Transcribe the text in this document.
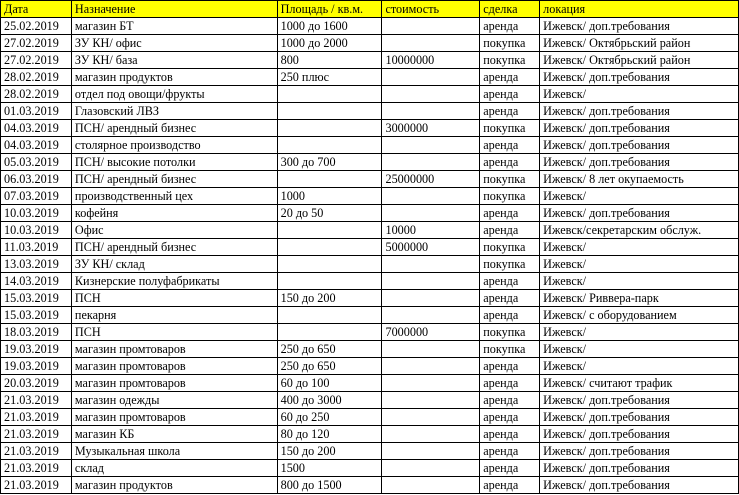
Дата	Назначение	Площадь / кв.м.	стоимость	сделка	локация
25.02.2019	магазин БТ	1000 до 1600		аренда	Ижевск/ доп.требования
27.02.2019	ЗУ КН/ офис	1000 до 2000		покупка	Ижевск/ Октябрьский район
27.02.2019	ЗУ КН/ база	800	10000000	покупка	Ижевск/ Октябрьский район
28.02.2019	магазин продуктов	250 плюс		аренда	Ижевск/ доп.требования
28.02.2019	отдел под овощи/фрукты			аренда	Ижевск/
01.03.2019	Глазовский ЛВЗ			аренда	Ижевск/ доп.требования
04.03.2019	ПСН/ арендный бизнес		3000000	покупка	Ижевск/ доп.требования
04.03.2019	столярное производство			аренда	Ижевск/ доп.требования
05.03.2019	ПСН/ высокие потолки	300 до 700		аренда	Ижевск/ доп.требования
06.03.2019	ПСН/ арендный бизнес		25000000	покупка	Ижевск/ 8 лет окупаемость
07.03.2019	производственный цех	1000		покупка	Ижевск/
10.03.2019	кофейня	20 до 50		аренда	Ижевск/ доп.требования
10.03.2019	Офис		10000	аренда	Ижевск/секретарским обслуж.
11.03.2019	ПСН/ арендный бизнес		5000000	покупка	Ижевск/
13.03.2019	ЗУ КН/ склад			покупка	Ижевск/
14.03.2019	Кизнерские полуфабрикаты			аренда	Ижевск/
15.03.2019	ПСН	150 до 200		аренда	Ижевск/ Риввера-парк
15.03.2019	пекарня			аренда	Ижевск/ с оборудованием
18.03.2019	ПСН		7000000	покупка	Ижевск/
19.03.2019	магазин промтоваров	250 до 650		покупка	Ижевск/
19.03.2019	магазин промтоваров	250 до 650		аренда	Ижевск/
20.03.2019	магазин промтоваров	60 до 100		аренда	Ижевск/ считают трафик
21.03.2019	магазин одежды	400 до 3000		аренда	Ижевск/ доп.требования
21.03.2019	магазин промтоваров	60 до 250		аренда	Ижевск/ доп.требования
21.03.2019	магазин КБ	80 до 120		аренда	Ижевск/ доп.требования
21.03.2019	Музыкальная школа	150 до 200		аренда	Ижевск/ доп.требования
21.03.2019	склад	1500		аренда	Ижевск/ доп.требования
21.03.2019	магазин продуктов	800 до 1500		аренда	Ижевск/ доп.требования
